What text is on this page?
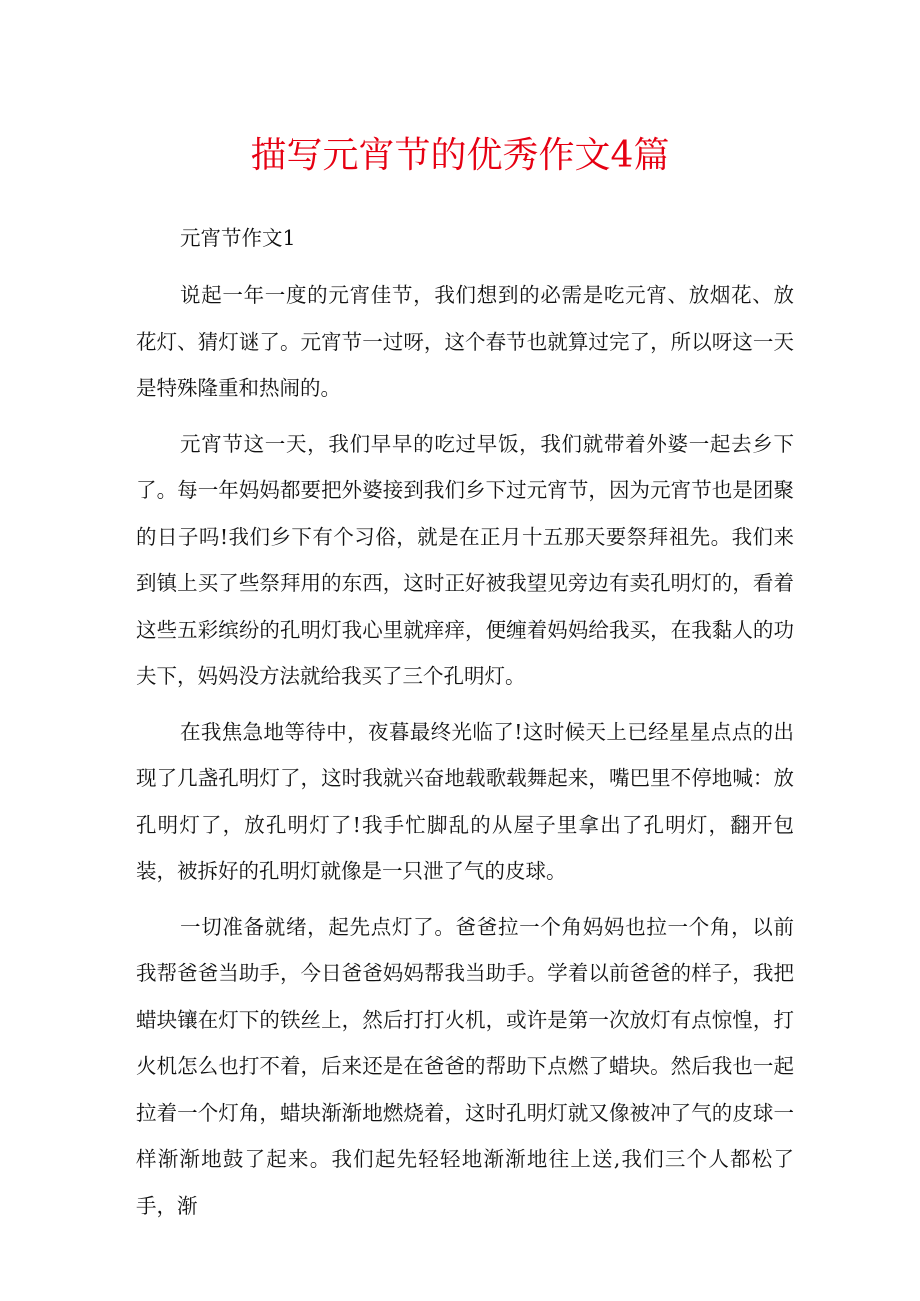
描写元宵节的优秀作文4篇

元宵节作文1

说起一年一度的元宵佳节，我们想到的必需是吃元宵、放烟花、放花灯、猜灯谜了。元宵节一过呀，这个春节也就算过完了，所以呀这一天是特殊隆重和热闹的。

元宵节这一天，我们早早的吃过早饭，我们就带着外婆一起去乡下了。每一年妈妈都要把外婆接到我们乡下过元宵节，因为元宵节也是团聚的日子吗!我们乡下有个习俗，就是在正月十五那天要祭拜祖先。我们来到镇上买了些祭拜用的东西，这时正好被我望见旁边有卖孔明灯的，看着这些五彩缤纷的孔明灯我心里就痒痒，便缠着妈妈给我买，在我黏人的功夫下，妈妈没方法就给我买了三个孔明灯。

在我焦急地等待中，夜暮最终光临了!这时候天上已经星星点点的出现了几盏孔明灯了，这时我就兴奋地载歌载舞起来，嘴巴里不停地喊：放孔明灯了，放孔明灯了!我手忙脚乱的从屋子里拿出了孔明灯，翻开包装，被拆好的孔明灯就像是一只泄了气的皮球。

一切准备就绪，起先点灯了。爸爸拉一个角妈妈也拉一个角，以前我帮爸爸当助手，今日爸爸妈妈帮我当助手。学着以前爸爸的样子，我把蜡块镶在灯下的铁丝上，然后打打火机，或许是第一次放灯有点惊惶，打火机怎么也打不着，后来还是在爸爸的帮助下点燃了蜡块。然后我也一起拉着一个灯角，蜡块渐渐地燃烧着，这时孔明灯就又像被冲了气的皮球一样渐渐地鼓了起来。我们起先轻轻地渐渐地往上送,我们三个人都松了手，渐
